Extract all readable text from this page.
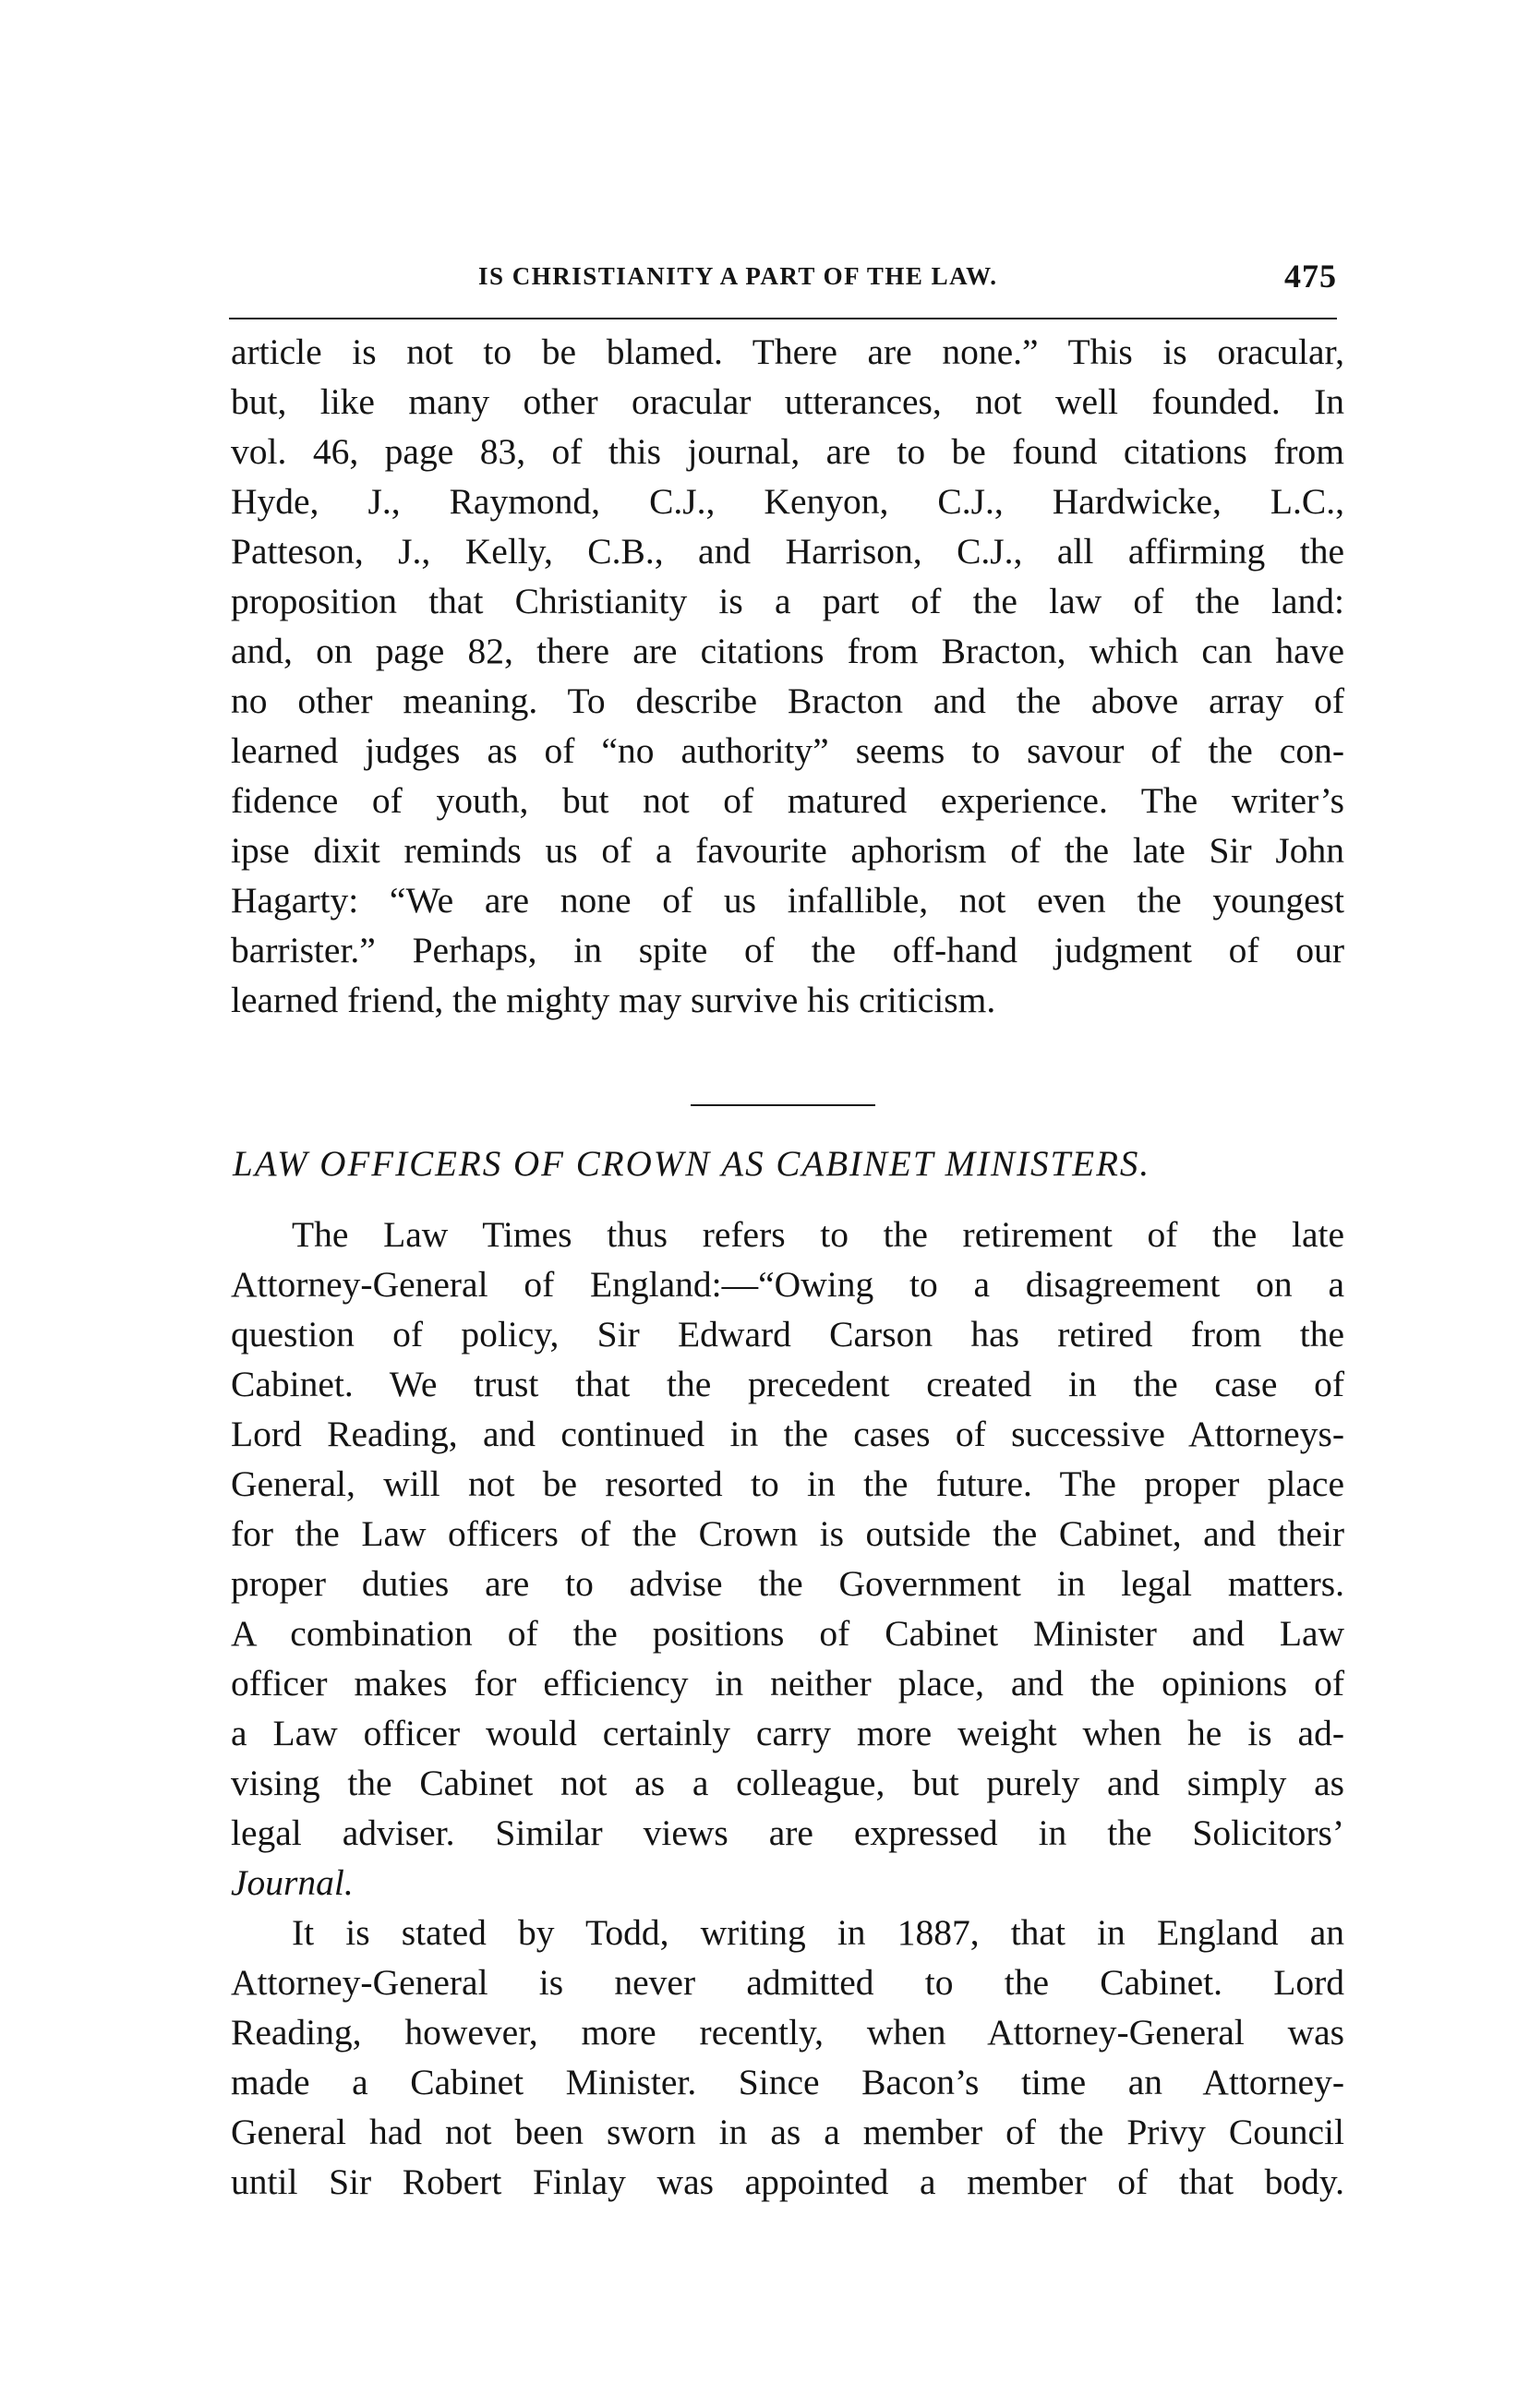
IS CHRISTIANITY A PART OF THE LAW.	475
article is not to be blamed. There are none.” This is oracular,
but, like many other oracular utterances, not well founded. In
vol. 46, page 83, of this journal, are to be found citations from
Hyde, J., Raymond, C.J., Kenyon, C.J., Hardwicke, L.C.,
Patteson, J., Kelly, C.B., and Harrison, C.J., all affirming the
proposition that Christianity is a part of the law of the land:
and, on page 82, there are citations from Bracton, which can have
no other meaning. To describe Bracton and the above array of
learned judges as of “no authority” seems to savour of the con-
fidence of youth, but not of matured experience. The writer’s
ipse dixit reminds us of a favourite aphorism of the late Sir John
Hagarty: “We are none of us infallible, not even the youngest
barrister.” Perhaps, in spite of the off-hand judgment of our
learned friend, the mighty may survive his criticism.
LAW OFFICERS OF CROWN AS CABINET MINISTERS.
The Law Times thus refers to the retirement of the late
Attorney-General of England:—“Owing to a disagreement on a
question of policy, Sir Edward Carson has retired from the
Cabinet. We trust that the precedent created in the case of
Lord Reading, and continued in the cases of successive Attorneys-
General, will not be resorted to in the future. The proper place
for the Law officers of the Crown is outside the Cabinet, and their
proper duties are to advise the Government in legal matters.
A combination of the positions of Cabinet Minister and Law
officer makes for efficiency in neither place, and the opinions of
a Law officer would certainly carry more weight when he is ad-
vising the Cabinet not as a colleague, but purely and simply as
legal adviser. Similar views are expressed in the Solicitors’
Journal.
It is stated by Todd, writing in 1887, that in England an
Attorney-General is never admitted to the Cabinet. Lord
Reading, however, more recently, when Attorney-General was
made a Cabinet Minister. Since Bacon’s time an Attorney-
General had not been sworn in as a member of the Privy Council
until Sir Robert Finlay was appointed a member of that body.
